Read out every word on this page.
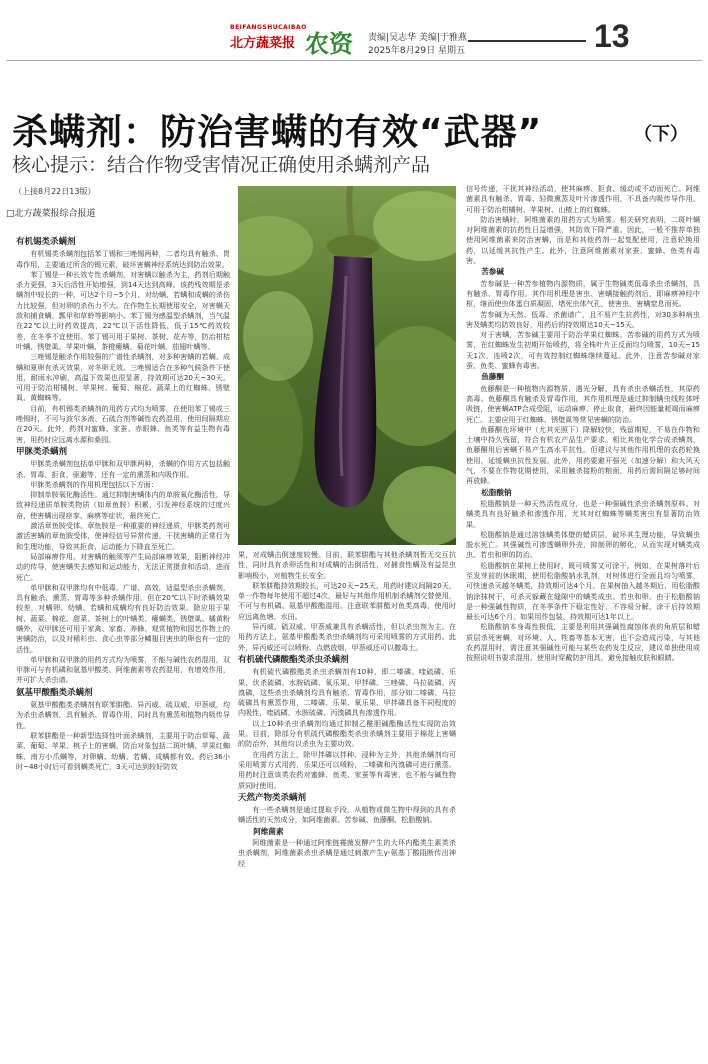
BEIFANGSHUCAIBAO
北方蔬菜报 农资 责编|吴志华 美编|于雅燕
2025年8月29日 星期五	13
杀螨剂：防治害螨的有效“武器”	（下）
核心提示：结合作物受害情况正确使用杀螨剂产品
（上接8月22日13版）
□北方蔬菜报综合报道
有机锡类杀螨剂

有机锡类杀螨剂包括苯丁锡和三唑锡两种，二者均具有触杀、胃毒作用，主要通过所含的锡元素，破坏害螨神经系统达到防治效果。

苯丁锡是一种长效专性杀螨剂，对害螨以触杀为主，药剂后期触杀力更强，3天后活性开始增强，到14天达到高峰。该药残效期是杀螨剂中较长的一种，可达2个月~5个月，对幼螨、若螨和成螨的杀伤力比较强，但对卵的杀伤力不大。在作物生长期使用安全，对害螨天敌和捕食螨、瓢甲和草蛉等影响小。苯丁锡为感温型杀螨剂，当气温在22℃以上时药效提高，22℃以下活性降低，低于15℃药效较差，在冬季不宜使用。苯丁锡可用于果树、茶树、花卉等，防治柑桔叶螨、锈壁虱、苹果叶螨、茶橙瘿螨、菊花叶螨、茄翅叶螨等。

三唑锡是触杀作用较强的广谱性杀螨剂，对多种害螨的若螨、成螨和夏卵有杀灭效果，对冬卵无效。三唑锡适合在多种气候条件下使用，耐雨水冲刷，高温下效果也很显著，持效期可达20天~30天。可用于防治柑橘树、苹果树、葡萄、棉花、蔬菜上的红蜘蛛、锈壁虱、黄蜘蛛等。

目前，有机锡类杀螨剂的用药方式均为喷雾，在使用苯丁锡或三唑锡时，不可与波尔多液、石硫合剂等碱性农药混用，使用间隔期应在20天。此外，药剂对蜜蜂、家蚕、赤眼蜂、鱼类等有益生物有毒害，用药时应远离水源和桑园。

甲脒类杀螨剂

甲脒类杀螨剂包括单甲脒和双甲脒两种，杀螨的作用方式包括触杀、胃毒、拒食、驱避等，还有一定的熏蒸和内吸作用。

甲脒类杀螨剂的作用机理包括以下方面：

抑制单胺氧化酶活性。通过抑制害螨体内的单胺氧化酶活性，导致神经递质单胺类物质（如章鱼胺）积累，引发神经系统的过度兴奋，使害螨出现痉挛、麻痹等症状，最终死亡。

激活章鱼胺受体。章鱼胺是一种重要的神经递质，甲脒类药剂可激活害螨的章鱼胺受体，使神经信号异常传递，干扰害螨的正常行为和生理功能，导致其拒食、运动能力下降直至死亡。

局部麻痹作用。对害螨的触须等产生局部麻痹效果，阻断神经冲动的传导，使害螨失去感知和运动能力，无法正常摄食和活动，进而死亡。

单甲脒和双甲脒均有中低毒，广谱、高效，适温型杀虫杀螨剂，具有触杀、熏蒸、胃毒等多种杀螨作用，但在20℃以下时杀螨效果较差，对螨卵、幼螨、若螨和成螨均有良好防治效果。除应用于果树、蔬菜、棉花、甜菜、茶树上的叶螨类、瘿螨类、锈壁虱、橘黄粉螨外，双甲脒还可用于家禽、家畜、养蜂、观赏植物和园艺作物上的害螨防治，以及对稀杉虫、食心虫等部分鳞翅目害虫的卵也有一定的活性。

单甲脒和双甲脒的用药方式均为喷雾，不能与碱性农药混用，双甲脒可与有机磷和氨基甲酸类、阿维菌素等农药混用，有增效作用，并可扩大杀虫谱。

氨基甲酸酯类杀螨剂

氨基甲酸酯类杀螨剂有联苯肼酯、异丙威、硫双威、甲萘威，均为杀虫杀螨剂，具有触杀、胃毒作用，同时具有熏蒸和植物内吸传导性。

联苯肼酯是一种新型选择性叶面杀螨剂，主要用于防治草莓、蔬菜、葡萄、苹果、桃子上的害螨，防治对象包括二斑叶螨、苹果红蜘蛛、南方小爪螨等，对卵螨、幼螨、若螨、成螨都有效。药后36小时~48小时后可看到螨类死亡，3天可达到较好防效

果，对成螨击倒速度较慢。目前，联苯肼酯与其他杀螨剂暂无交互抗性，同时具有杀卵活性和对成螨的击倒活性，对捕食性螨及有益昆虫影响极小，对植物生长安全。

联苯肼酯持效期较长，可达20天~25天，用药时建议间隔20天，单一作物每年使用不超过4次，最好与其他作用机制杀螨剂交替使用，不可与有机磷、氨基甲酸酯混用。注意联苯肼酯对鱼类高毒，使用时应远离鱼塘、水田。

异丙威、硫双威、甲萘威兼具有杀螨活性，但以杀虫剂为主。在用药方法上，氨基甲酸酯类杀虫杀螨剂均可采用喷雾的方式用药。此外，异丙威还可以喷粉、点燃放烟，甲萘威还可以撒毒土。

有机硫代磷酸酯类杀虫杀螨剂

有机硫代磷酸酯类杀虫杀螨剂有10种，即二嗪磷、喹硫磷、乐果、伏杀硫磷、水胺硫磷、氧乐果、甲拌磷、三唑磷、马拉硫磷、丙溴磷，这些杀虫杀螨剂均具有触杀、胃毒作用，部分如二嗪磷、马拉硫磷具有熏蒸作用，二嗪磷、乐果、氧乐果、甲拌磷具备不同程度的内吸性，喹硫磷、水胺硫磷、丙溴磷具有渗透作用。

以上10种杀虫杀螨剂均通过抑制乙酰胆碱酯酶活性实现防治效果。目前，除部分有机硫代磷酸酯类杀虫杀螨剂主要用于棉花上害螨的防治外，其他均以杀虫为主要功效。

在用药方法上，除甲拌磷以拌种、浸种为主外，其他杀螨剂均可采用喷雾方式用药，乐果还可以喷粉，二嗪磷和丙溴磷可进行熏蒸。用药时注意该类农药对蜜蜂、鱼类、家蚕等有毒害，也不能与碱性物质同时使用。

天然产物类杀螨剂

有一些杀螨剂是通过提取手段，从植物或微生物中得到的具有杀螨活性的天然成分，如阿维菌素、苦参碱、鱼藤酮、松脂酸钠。

阿维菌素

阿维菌素是一种通过阿维链霉菌发酵产生的大环内酯类生素类杀虫杀螨剂，阿维菌素杀虫杀螨是通过刺激产生γ-氨基丁酸阻断传出神经

信号传递，干扰其神经活动，使其麻痹、拒食、缓动或不动而死亡。阿维菌素具有触杀、胃毒、轻微熏蒸及叶片渗透作用，不具备内吸传导作用。可用于防治柑橘树、苹果树、山楂上的红蜘蛛。

防治害螨时，阿维菌素的用药方式为喷雾。相关研究表明，二斑叶螨对阿维菌素的抗药性日益增强，其防效下降严重。因此，一般不推荐单独使用阿维菌素来防治害螨，而是和其他药剂一起复配使用，注意轮换用药，以延缓其抗性产生。此外，注意阿维菌素对家蚕、蜜蜂、鱼类有毒害。

苦参碱

苦参碱是一种苦参植物内源物质，属于生物碱类低毒杀虫杀螨剂，具有触杀、胃毒作用。其作用机理是害虫、害螨接触药剂后，即麻痹神经中枢，继而使虫体蛋白质凝固，堵死虫体气孔，使害虫、害螨窒息而死。

苦参碱为天然、低毒、杀菌谱广，且不易产生抗药性，对30多种病虫害及螨类均防效良好，用药后的持效期达10天~15天。

对于害螨，苦参碱主要用于防治苹果红蜘蛛。苦参碱的用药方式为喷雾，在红蜘蛛发生初期开始喷药，将全株叶片正反面均匀喷雾，10天~15天1次，连喷2次，可有效控制红蜘蛛继续蔓延。此外，注意苦参碱对家蚕、鱼类、蜜蜂有毒害。

鱼藤酮

鱼藤酮是一种植物内源物质，遇光分解，具有杀虫杀螨活性，其原药高毒。鱼藤酮具有触杀及胃毒作用，其作用机理是通过抑制螨虫线粒体呼吸链，使害螨ATP合成受阻，运动麻痹、停止取食，最终因能量耗竭而麻痹死亡。主要应用于红蜘蛛、锈壁虱等常见害螨的防治。

鱼藤酮在环境中（尤其光照下）降解较快，残留期短，不易在作物和土壤中持久残留，符合有机农产品生产要求。相比其他化学合成杀螨剂，鱼藤酮用后害螨不易产生高水平抗性。但建议与其他作用机理的农药轮换使用，延缓螨虫抗性发展。此外，用药要避开强光（加速分解）和大风天气，不要在作物花期使用，采用触杀接粉的粮面，用药后需间隔足够时间再放蜂。

松脂酸钠

松脂酸钠是一种天然活性成分，也是一种强碱性杀虫杀螨剂原料。对螨类具有良好触杀和渗透作用，尤其对红蜘蛛等螨类害虫有显著防治效果。

松脂酸钠是通过溶蚀螨类体壁的蜡质层，破坏其生理功能，导致螨虫脱水死亡。其强碱性可渗透螨卵外壳，抑制卵的孵化，从而实现对螨类成虫、若虫和卵的防治。

松脂酸钠在果树上使用时，既可喷雾又可涂干。例如，在果树落叶后至发芽前的休眠期，使用松脂酸钠水乳剂，对树体进行全面且均匀喷雾，可快速杀灭越冬螨类，持效期可达4个月。在果树抽入越冬期后，用松脂酸钠涂抹树干，可杀灭躲藏在缝隙中的螨类成虫、若虫和卵。由于松脂酸钠是一种强碱性物质，在冬季条件下稳定性好，不容易分解，涂干后持效期最长可达6个月。如果用作包装，持效期可达1年以上。

松脂酸钠本身毒性极低，主要是利用其强碱性腐蚀体表的角质层和蜡质层杀死害螨，对环境、人、牲畜等基本无害，也不会造成污染，与其他农药混用时，需注意其强碱性可能与某些农药发生反应，建议单独使用或按照说明书要求混用。使用时穿戴防护用具，避免接触皮肤和眼睛。
